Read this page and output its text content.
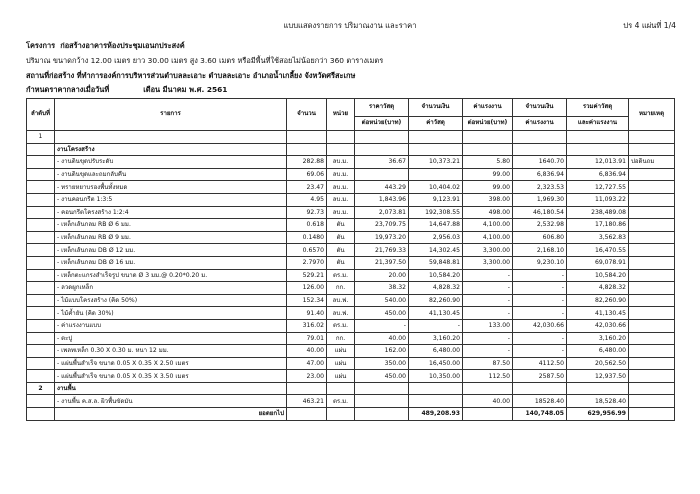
แบบแสดงรายการ ปริมาณงาน และราคา	ปร 4 แผ่นที่ 1/4
โครงการ ก่อสร้างอาคารห้องประชุมเอนกประสงค์
ปริมาณ ขนาดกว้าง 12.00 เมตร ยาว 30.00 เมตร สูง 3.60 เมตร หรือมีพื้นที่ใช้สอยไม่น้อยกว่า 360 ตารางเมตร
สถานที่ก่อสร้าง ที่ทำการองค์การบริหารส่วนตำบลละเอาะ ตำบลละเอาะ อำเภอน้ำเกลี้ยง จังหวัดศรีสะเกษ
กำหนดราคากลางเมื่อวันที่	เดือน มีนาคม พ.ศ. 2561
ลำดับที่	รายการ	จำนวน	หน่วย	ราคาวัสดุ	จำนวนเงิน	ค่าแรงงาน	จำนวนเงิน	รวมค่าวัสดุ	หมายเหตุ
				ต่อหน่วย(บาท)	ค่าวัสดุ	ต่อหน่วย(บาท)	ค่าแรงงาน	และค่าแรงงาน	
1									
	งานโครงสร้าง								
	- งานดินขุดปรับระดับ	282.88	ลบ.ม.	36.67	10,373.21	5.80	1640.70	12,013.91	ปอดินถม
	- งานดินขุดและถมกลับคืน	69.06	ลบ.ม.			99.00	6,836.94	6,836.94	
	- ทรายหยาบรองพื้นทั้งหมด	23.47	ลบ.ม.	443.29	10,404.02	99.00	2,323.53	12,727.55	
	- งานคอนกรีต 1:3:5	4.95	ลบ.ม.	1,843.96	9,123.91	398.00	1,969.30	11,093.22	
	- คอนกรีตโครงสร้าง 1:2:4	92.73	ลบ.ม.	2,073.81	192,308.55	498.00	46,180.54	238,489.08	
	- เหล็กเส้นกลม RB Ø 6 มม.	0.618	ตัน	23,709.75	14,647.88	4,100.00	2,532.98	17,180.86	
	- เหล็กเส้นกลม RB Ø 9 มม.	0.1480	ตัน	19,973.20	2,956.03	4,100.00	606.80	3,562.83	
	- เหล็กเส้นกลม DB Ø 12 มม.	0.6570	ตัน	21,769.33	14,302.45	3,300.00	2,168.10	16,470.55	
	- เหล็กเส้นกลม DB Ø 16 มม.	2.7970	ตัน	21,397.50	59,848.81	3,300.00	9,230.10	69,078.91	
	- เหล็กตะแกรงสำเร็จรูป ขนาด Ø 3 มม.@ 0.20*0.20 ม.	529.21	ตร.ม.	20.00	10,584.20	-	-	10,584.20	
	- ลวดผูกเหล็ก	126.00	กก.	38.32	4,828.32	-	-	4,828.32	
	- ไม้แบบโครงสร้าง (คิด 50%)	152.34	ลบ.ฟ.	540.00	82,260.90	-	-	82,260.90	
	- ไม้ค้ำยัน (คิด 30%)	91.40	ลบ.ฟ.	450.00	41,130.45	-	-	41,130.45	
	- ค่าแรงงานแบบ	316.02	ตร.ม.	-	-	133.00	42,030.66	42,030.66	
	- ตะปู	79.01	กก.	40.00	3,160.20	-	-	3,160.20	
	- เพลทเหล็ก 0.30 X 0.30 ม. หนา 12 มม.	40.00	แผ่น	162.00	6,480.00	-	-	6,480.00	
	- แผ่นพื้นสำเร็จ ขนาด 0.05 X 0.35 X 2.50 เมตร	47.00	แผ่น	350.00	16,450.00	87.50	4112.50	20,562.50	
	- แผ่นพื้นสำเร็จ ขนาด 0.05 X 0.35 X 3.50 เมตร	23.00	แผ่น	450.00	10,350.00	112.50	2587.50	12,937.50	
2	งานพื้น								
	- งานพื้น ค.ส.ล. ผิวพื้นขัดมัน	463.21	ตร.ม.			40.00	18528.40	18,528.40	
	ยอดยกไป				489,208.93		140,748.05	629,956.99	
